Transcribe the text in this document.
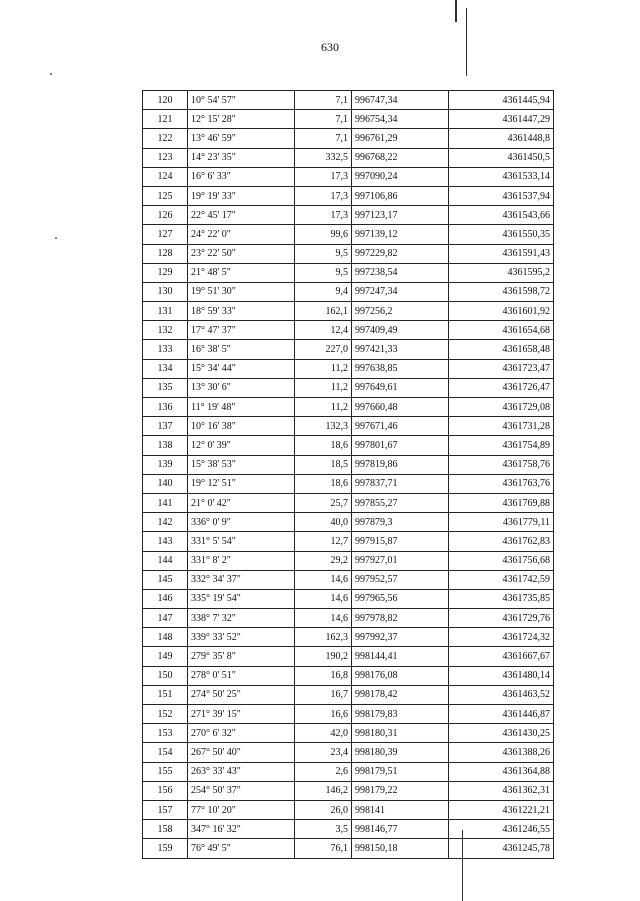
630
120	10° 54' 57"	7,1	996747,34	4361445,94
121	12° 15' 28"	7,1	996754,34	4361447,29
122	13° 46' 59"	7,1	996761,29	4361448,8
123	14° 23' 35"	332,5	996768,22	4361450,5
124	16° 6' 33"	17,3	997090,24	4361533,14
125	19° 19' 33"	17,3	997106,86	4361537,94
126	22° 45' 17"	17,3	997123,17	4361543,66
127	24° 22' 0"	99,6	997139,12	4361550,35
128	23° 22' 50"	9,5	997229,82	4361591,43
129	21° 48' 5"	9,5	997238,54	4361595,2
130	19° 51' 30"	9,4	997247,34	4361598,72
131	18° 59' 33"	162,1	997256,2	4361601,92
132	17° 47' 37"	12,4	997409,49	4361654,68
133	16° 38' 5"	227,0	997421,33	4361658,48
134	15° 34' 44"	11,2	997638,85	4361723,47
135	13° 30' 6"	11,2	997649,61	4361726,47
136	11° 19' 48"	11,2	997660,48	4361729,08
137	10° 16' 38"	132,3	997671,46	4361731,28
138	12° 0' 39"	18,6	997801,67	4361754,89
139	15° 38' 53"	18,5	997819,86	4361758,76
140	19° 12' 51"	18,6	997837,71	4361763,76
141	21° 0' 42"	25,7	997855,27	4361769,88
142	336° 0' 9"	40,0	997879,3	4361779,11
143	331° 5' 54"	12,7	997915,87	4361762,83
144	331° 8' 2"	29,2	997927,01	4361756,68
145	332° 34' 37"	14,6	997952,57	4361742,59
146	335° 19' 54"	14,6	997965,56	4361735,85
147	338° 7' 32"	14,6	997978,82	4361729,76
148	339° 33' 52"	162,3	997992,37	4361724,32
149	279° 35' 8"	190,2	998144,41	4361667,67
150	278° 0' 51"	16,8	998176,08	4361480,14
151	274° 50' 25"	16,7	998178,42	4361463,52
152	271° 39' 15"	16,6	998179,83	4361446,87
153	270° 6' 32"	42,0	998180,31	4361430,25
154	267° 50' 40"	23,4	998180,39	4361388,26
155	263° 33' 43"	2,6	998179,51	4361364,88
156	254° 50' 37"	146,2	998179,22	4361362,31
157	77° 10' 20"	26,0	998141	4361221,21
158	347° 16' 32"	3,5	998146,77	4361246,55
159	76° 49' 5"	76,1	998150,18	4361245,78
